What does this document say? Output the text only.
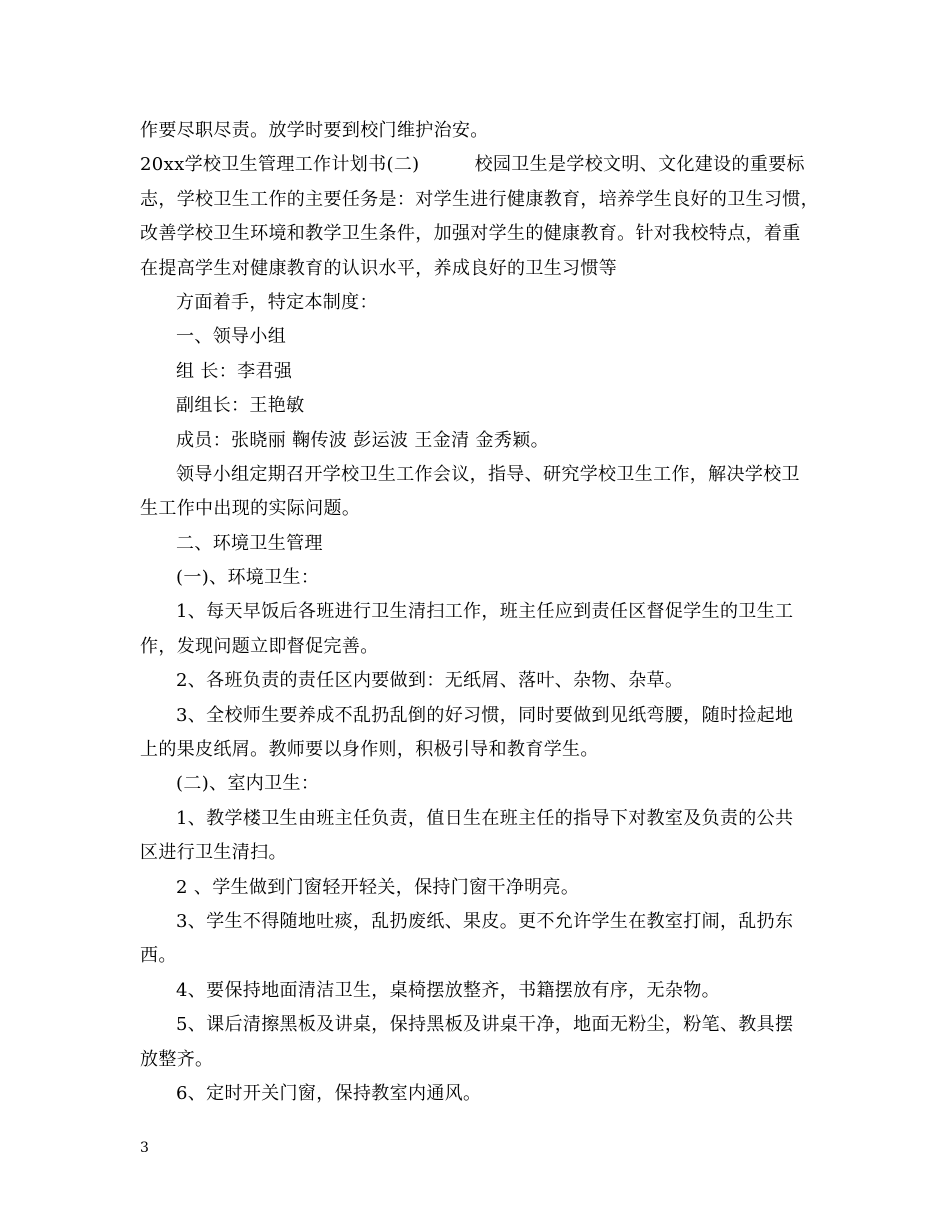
作要尽职尽责。放学时要到校门维护治安。
20xx学校卫生管理工作计划书(二)　　　校园卫生是学校文明、文化建设的重要标
志，学校卫生工作的主要任务是：对学生进行健康教育，培养学生良好的卫生习惯，
改善学校卫生环境和教学卫生条件，加强对学生的健康教育。针对我校特点，着重
在提高学生对健康教育的认识水平，养成良好的卫生习惯等
方面着手，特定本制度：
一、领导小组
组 长：李君强
副组长：王艳敏
成员：张晓丽 鞠传波 彭运波 王金清 金秀颖。
领导小组定期召开学校卫生工作会议，指导、研究学校卫生工作，解决学校卫
生工作中出现的实际问题。
二、环境卫生管理
(一)、环境卫生：
1、每天早饭后各班进行卫生清扫工作，班主任应到责任区督促学生的卫生工
作，发现问题立即督促完善。
2、各班负责的责任区内要做到：无纸屑、落叶、杂物、杂草。
3、全校师生要养成不乱扔乱倒的好习惯，同时要做到见纸弯腰，随时捡起地
上的果皮纸屑。教师要以身作则，积极引导和教育学生。
(二)、室内卫生：
1、教学楼卫生由班主任负责，值日生在班主任的指导下对教室及负责的公共
区进行卫生清扫。
2 、学生做到门窗轻开轻关，保持门窗干净明亮。
3、学生不得随地吐痰，乱扔废纸、果皮。更不允许学生在教室打闹，乱扔东
西。
4、要保持地面清洁卫生，桌椅摆放整齐，书籍摆放有序，无杂物。
5、课后清擦黑板及讲桌，保持黑板及讲桌干净，地面无粉尘，粉笔、教具摆
放整齐。
6、定时开关门窗，保持教室内通风。
3
